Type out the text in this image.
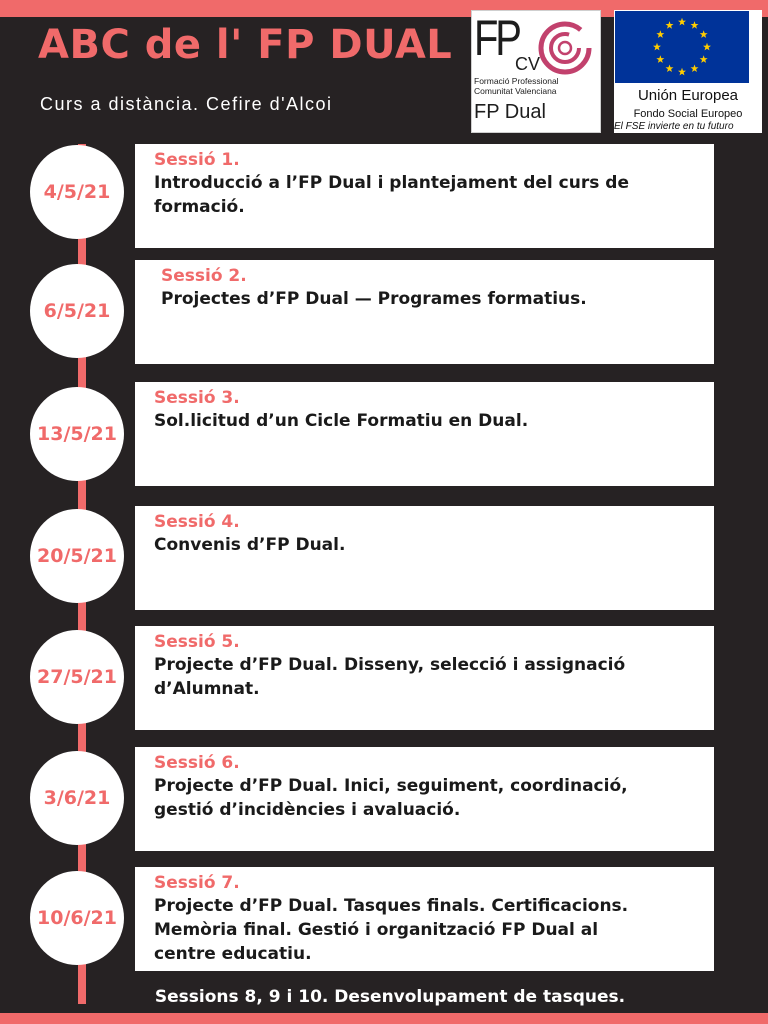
ABC de l' FP DUAL

Curs a distància. Cefire d'Alcoi

FP
CV
Formació Professional
Comunitat Valenciana
FP Dual
Unión Europea
Fondo Social Europeo
El FSE invierte en tu futuro
4/5/21
Sessió 1.
Introducció a l’FP Dual i plantejament del curs de
formació.
6/5/21
Sessió 2.
Projectes d’FP Dual — Programes formatius.
13/5/21
Sessió 3.
Sol.licitud d’un Cicle Formatiu en Dual.
20/5/21
Sessió 4.
Convenis d’FP Dual.
27/5/21
Sessió 5.
Projecte d’FP Dual. Disseny, selecció i assignació
d’Alumnat.
3/6/21
Sessió 6.
Projecte d’FP Dual. Inici, seguiment, coordinació,
gestió d’incidències i avaluació.
10/6/21
Sessió 7.
Projecte d’FP Dual. Tasques finals. Certificacions.
Memòria final. Gestió i organització FP Dual al
centre educatiu.

Sessions 8, 9 i 10. Desenvolupament de tasques.
